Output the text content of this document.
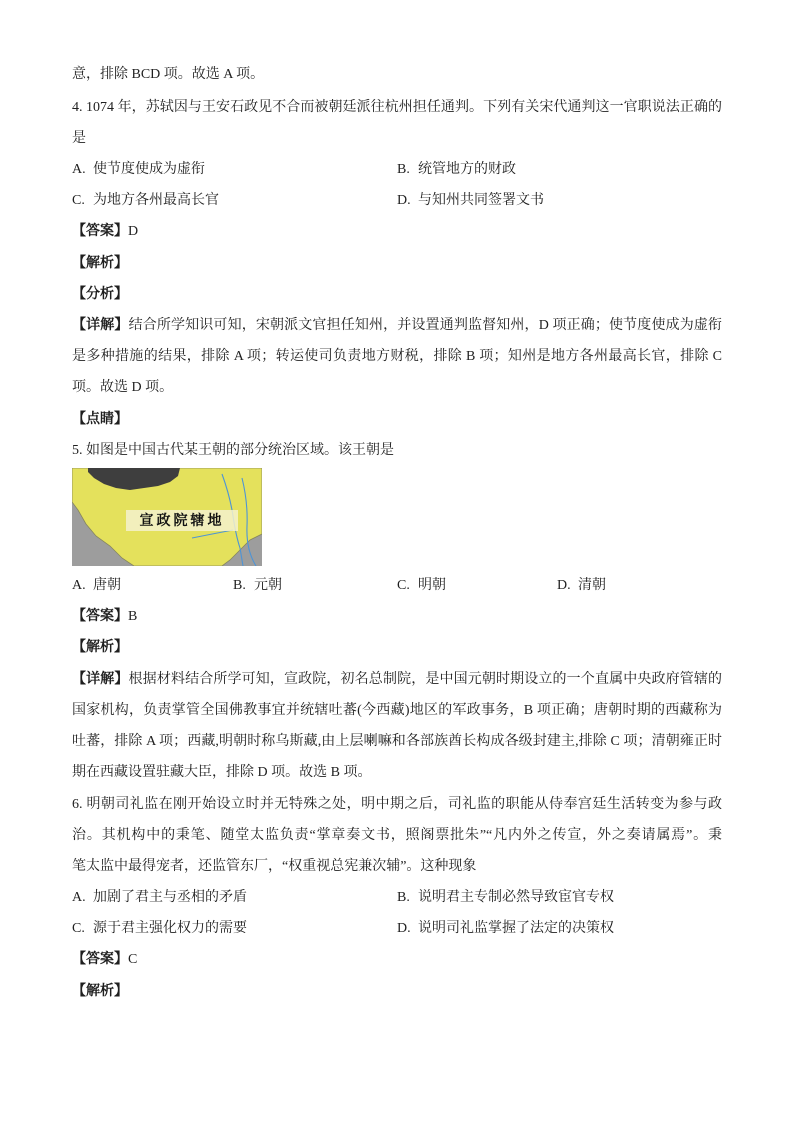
意，排除 BCD 项。故选 A 项。
4. 1074 年，苏轼因与王安石政见不合而被朝廷派往杭州担任通判。下列有关宋代通判这一官职说法正确的
是
A. 使节度使成为虚衔	B. 统管地方的财政
C. 为地方各州最高长官	D. 与知州共同签署文书
【答案】D
【解析】
【分析】
【详解】结合所学知识可知，宋朝派文官担任知州，并设置通判监督知州，D 项正确；使节度使成为虚衔
是多种措施的结果，排除 A 项；转运使司负责地方财税，排除 B 项；知州是地方各州最高长官，排除 C
项。故选 D 项。
【点睛】
5. 如图是中国古代某王朝的部分统治区域。该王朝是
宣政院辖地
A. 唐朝	B. 元朝	C. 明朝	D. 清朝
【答案】B
【解析】
【详解】根据材料结合所学可知，宣政院，初名总制院，是中国元朝时期设立的一个直属中央政府管辖的
国家机构，负责掌管全国佛教事宜并统辖吐蕃(今西藏)地区的军政事务，B 项正确；唐朝时期的西藏称为
吐蕃，排除 A 项；西藏,明朝时称乌斯藏,由上层喇嘛和各部族酋长构成各级封建主,排除 C 项；清朝雍正时
期在西藏设置驻藏大臣，排除 D 项。故选 B 项。
6. 明朝司礼监在刚开始设立时并无特殊之处，明中期之后，司礼监的职能从侍奉宫廷生活转变为参与政
治。其机构中的秉笔、随堂太监负责“掌章奏文书，照阁票批朱”“凡内外之传宣，外之奏请属焉”。秉
笔太监中最得宠者，还监管东厂，“权重视总宪兼次辅”。这种现象
A. 加剧了君主与丞相的矛盾	B. 说明君主专制必然导致宦官专权
C. 源于君主强化权力的需要	D. 说明司礼监掌握了法定的决策权
【答案】C
【解析】
